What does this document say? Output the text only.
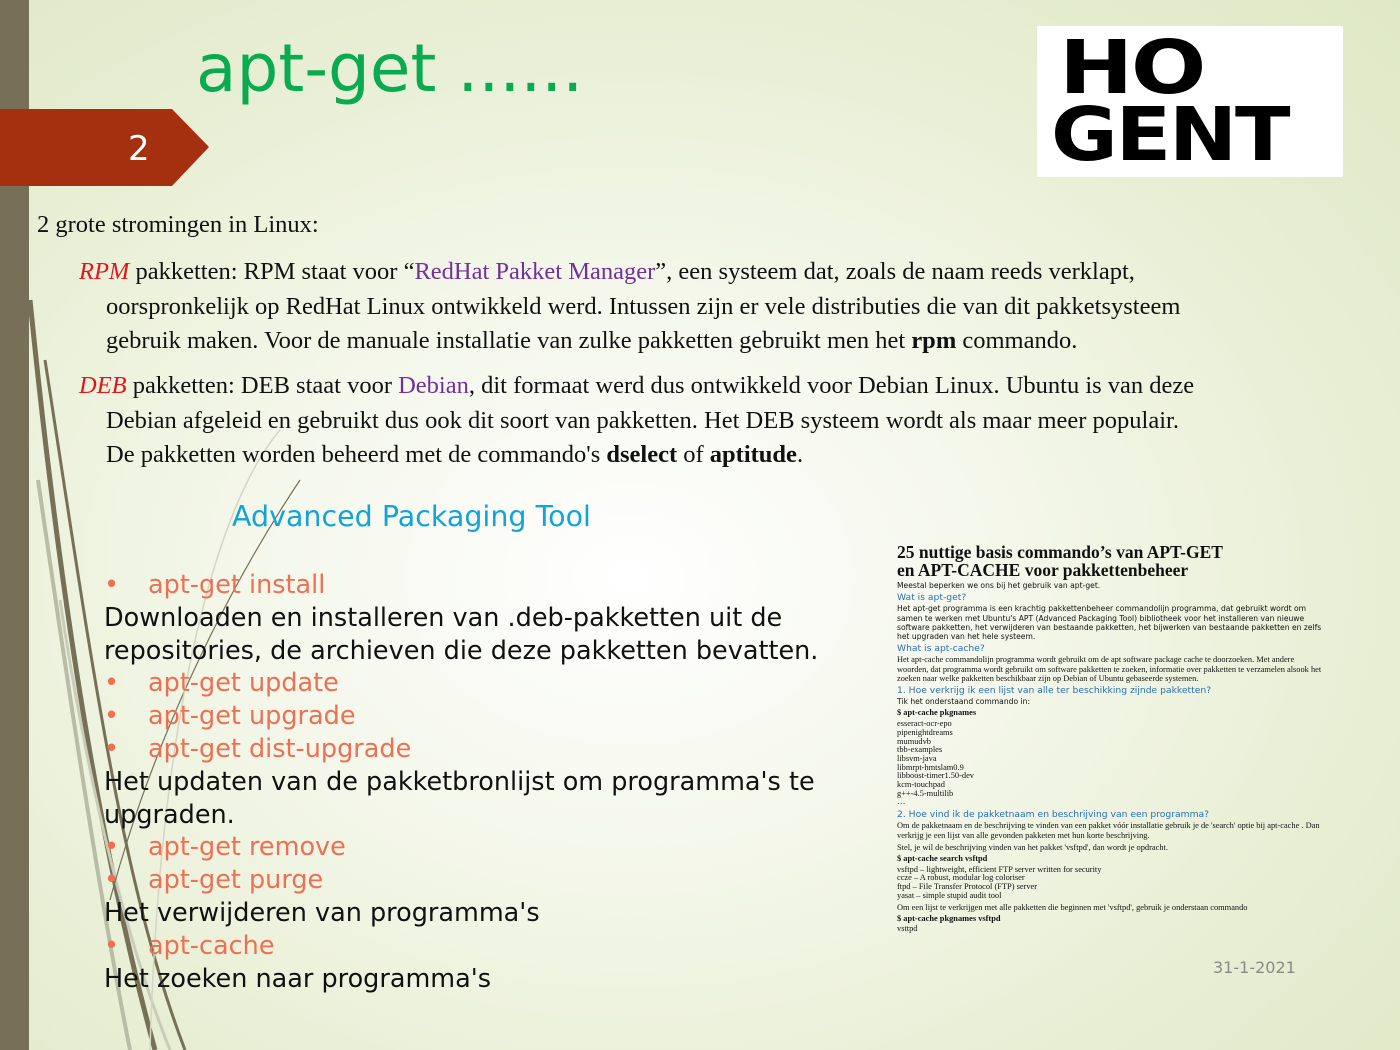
2
apt-get ......	HO
GENT
2 grote stromingen in Linux:
RPM pakketten: RPM staat voor “RedHat Pakket Manager”, een systeem dat, zoals de naam reeds verklapt,
oorspronkelijk op RedHat Linux ontwikkeld werd. Intussen zijn er vele distributies die van dit pakketsysteem
gebruik maken. Voor de manuale installatie van zulke pakketten gebruikt men het rpm commando.
DEB pakketten: DEB staat voor Debian, dit formaat werd dus ontwikkeld voor Debian Linux. Ubuntu is van deze
Debian afgeleid en gebruikt dus ook dit soort van pakketten. Het DEB systeem wordt als maar meer populair.
De pakketten worden beheerd met de commando's dselect of aptitude.
Advanced Packaging Tool
• apt-get install
Downloaden en installeren van .deb-pakketten uit de
repositories, de archieven die deze pakketten bevatten.
• apt-get update
• apt-get upgrade
• apt-get dist-upgrade
Het updaten van de pakketbronlijst om programma's te
upgraden.
• apt-get remove
• apt-get purge
Het verwijderen van programma's
• apt-cache
Het zoeken naar programma's
25 nuttige basis commando’s van APT-GET
en APT-CACHE voor pakkettenbeheer

Meestal beperken we ons bij het gebruik van apt-get.

Wat is apt-get?

Het apt-get programma is een krachtig pakkettenbeheer commandolijn programma, dat gebruikt wordt om samen te werken met Ubuntu's APT (Advanced Packaging Tool) bibliotheek voor het installeren van nieuwe software pakketten, het verwijderen van bestaande pakketten, het bijwerken van bestaande pakketten en zelfs het upgraden van het hele systeem.

What is apt-cache?

Het apt-cache commandolijn programma wordt gebruikt om de apt software package cache te doorzoeken. Met andere woorden, dat programma wordt gebruikt om software pakketten te zoeken, informatie over pakketten te verzamelen alsook het zoeken naar welke pakketten beschikbaar zijn op Debian of Ubuntu gebaseerde systemen.

1. Hoe verkrijg ik een lijst van alle ter beschikking zijnde pakketten?

Tik het onderstaand commando in:

$ apt-cache pkgnames

esseract-ocr-epo
pipenightdreams
mumudvb
tbb-examples
libsvm-java
libmrpt-hmtslam0.9
libboost-timer1.50-dev
kcm-touchpad
g++-4.5-multilib
…

2. Hoe vind ik de pakketnaam en beschrijving van een programma?

Om de pakketnaam en de beschrijving te vinden van een pakket vóór installatie gebruik je de 'search' optie bij apt-cache . Dan verkrijg je een lijst van alle gevonden pakketen met hun korte beschrijving.

Stel, je wil de beschrijving vinden van het pakket 'vsftpd', dan wordt je opdracht.

$ apt-cache search vsftpd

vsftpd – lightweight, efficient FTP server written for security
ccze – A robust, modular log coloriser
ftpd – File Transfer Protocol (FTP) server
yasat – simple stupid audit tool

Om een lijst te verkrijgen met alle pakketten die beginnen met 'vsftpd', gebruik je onderstaan commando

$ apt-cache pkgnames vsftpd

vsttpd

31-1-2021
